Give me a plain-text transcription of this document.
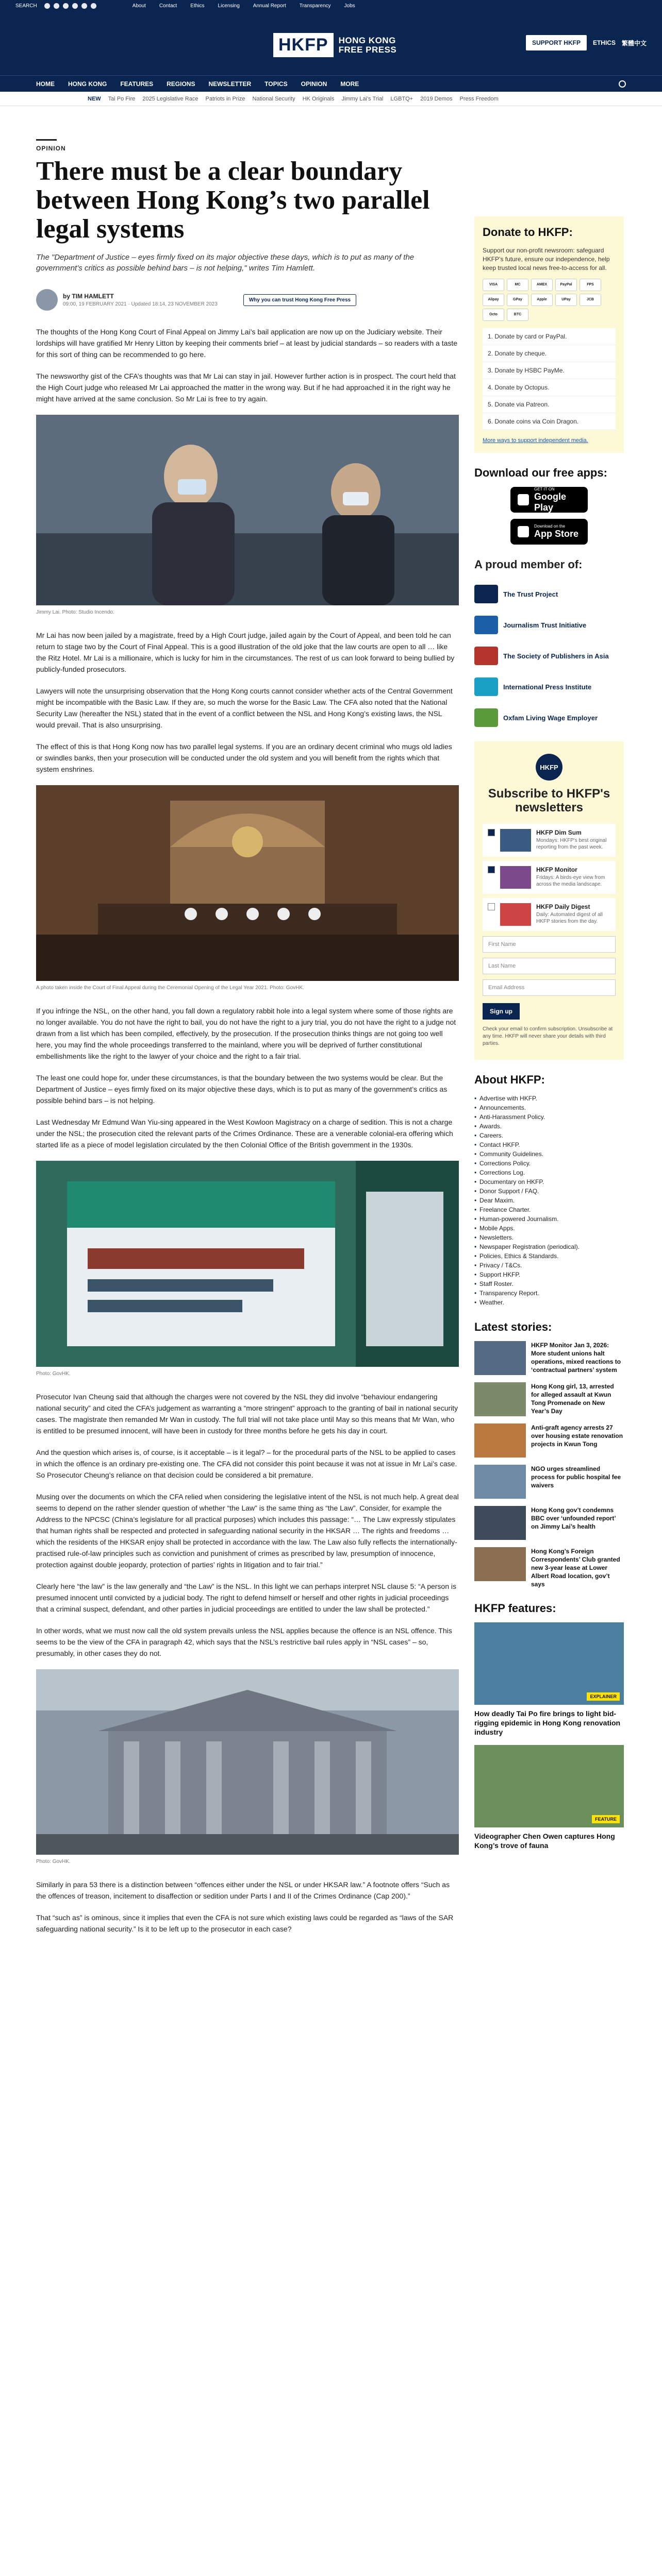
SEARCH	About	Contact	Ethics	Licensing	Annual Report	Transparency	Jobs
HKFP	HONG KONG
FREE PRESS
SUPPORT HKFP	ETHICS 繁體中文
HOME HONG KONG FEATURES REGIONS NEWSLETTER TOPICS OPINION MORE
NEW Tai Po Fire 2025 Legislative Race Patriots in Prize National Security HK Originals Jimmy Lai's Trial LGBTQ+ 2019 Demos Press Freedom
OPINION
There must be a clear boundary between Hong Kong’s two parallel legal systems
The "Department of Justice – eyes firmly fixed on its major objective these days, which is to put as many of the government’s critics as possible behind bars – is not helping," writes Tim Hamlett.
by TIM HAMLETT
09:00, 19 FEBRUARY 2021 · Updated 18:14, 23 NOVEMBER 2023
Why you can trust Hong Kong Free Press

The thoughts of the Hong Kong Court of Final Appeal on Jimmy Lai’s bail application are now up on the Judiciary website. Their lordships will have gratified Mr Henry Litton by keeping their comments brief – at least by judicial standards – so readers with a taste for this sort of thing can be recommended to go here.

The newsworthy gist of the CFA’s thoughts was that Mr Lai can stay in jail. However further action is in prospect. The court held that the High Court judge who released Mr Lai approached the matter in the wrong way. But if he had approached it in the right way he might have arrived at the same conclusion. So Mr Lai is free to try again.

Jimmy Lai. Photo: Studio Incendo.

Mr Lai has now been jailed by a magistrate, freed by a High Court judge, jailed again by the Court of Appeal, and been told he can return to stage two by the Court of Final Appeal. This is a good illustration of the old joke that the law courts are open to all … like the Ritz Hotel. Mr Lai is a millionaire, which is lucky for him in the circumstances. The rest of us can look forward to being bullied by publicly-funded prosecutors.

Lawyers will note the unsurprising observation that the Hong Kong courts cannot consider whether acts of the Central Government might be incompatible with the Basic Law. If they are, so much the worse for the Basic Law. The CFA also noted that the National Security Law (hereafter the NSL) stated that in the event of a conflict between the NSL and Hong Kong’s existing laws, the NSL would prevail. That is also unsurprising.

The effect of this is that Hong Kong now has two parallel legal systems. If you are an ordinary decent criminal who mugs old ladies or swindles banks, then your prosecution will be conducted under the old system and you will benefit from the rights which that system enshrines.

A photo taken inside the Court of Final Appeal during the Ceremonial Opening of the Legal Year 2021. Photo: GovHK.

If you infringe the NSL, on the other hand, you fall down a regulatory rabbit hole into a legal system where some of those rights are no longer available. You do not have the right to bail, you do not have the right to a jury trial, you do not have the right to a judge not drawn from a list which has been compiled, effectively, by the prosecution. If the prosecution thinks things are not going too well here, you may find the whole proceedings transferred to the mainland, where you will be deprived of further constitutional embellishments like the right to the lawyer of your choice and the right to a fair trial.

The least one could hope for, under these circumstances, is that the boundary between the two systems would be clear. But the Department of Justice – eyes firmly fixed on its major objective these days, which is to put as many of the government’s critics as possible behind bars – is not helping.

Last Wednesday Mr Edmund Wan Yiu-sing appeared in the West Kowloon Magistracy on a charge of sedition. This is not a charge under the NSL; the prosecution cited the relevant parts of the Crimes Ordinance. These are a venerable colonial-era offering which started life as a piece of model legislation circulated by the then Colonial Office of the British government in the 1930s.

Photo: GovHK.

Prosecutor Ivan Cheung said that although the charges were not covered by the NSL they did involve “behaviour endangering national security” and cited the CFA’s judgement as warranting a “more stringent” approach to the granting of bail in national security cases. The magistrate then remanded Mr Wan in custody. The full trial will not take place until May so this means that Mr Wan, who is entitled to be presumed innocent, will have been in custody for three months before he gets his day in court.

And the question which arises is, of course, is it acceptable – is it legal? – for the procedural parts of the NSL to be applied to cases in which the offence is an ordinary pre-existing one. The CFA did not consider this point because it was not at issue in Mr Lai’s case. So Prosecutor Cheung’s reliance on that decision could be considered a bit premature.

Musing over the documents on which the CFA relied when considering the legislative intent of the NSL is not much help. A great deal seems to depend on the rather slender question of whether “the Law” is the same thing as “the Law”. Consider, for example the Address to the NPCSC (China’s legislature for all practical purposes) which includes this passage: “… The Law expressly stipulates that human rights shall be respected and protected in safeguarding national security in the HKSAR … The rights and freedoms … which the residents of the HKSAR enjoy shall be protected in accordance with the law. The Law also fully reflects the internationally-practised rule-of-law principles such as conviction and punishment of crimes as prescribed by law, presumption of innocence, protection against double jeopardy, protection of parties’ rights in litigation and to fair trial.”

Clearly here “the law” is the law generally and “the Law” is the NSL. In this light we can perhaps interpret NSL clause 5: “A person is presumed innocent until convicted by a judicial body. The right to defend himself or herself and other rights in judicial proceedings that a criminal suspect, defendant, and other parties in judicial proceedings are entitled to under the law shall be protected.”

In other words, what we must now call the old system prevails unless the NSL applies because the offence is an NSL offence. This seems to be the view of the CFA in paragraph 42, which says that the NSL’s restrictive bail rules apply in “NSL cases” – so, presumably, in other cases they do not.

Photo: GovHK.

Similarly in para 53 there is a distinction between “offences either under the NSL or under HKSAR law.” A footnote offers “Such as the offences of treason, incitement to disaffection or sedition under Parts I and II of the Crimes Ordinance (Cap 200).”

That “such as” is ominous, since it implies that even the CFA is not sure which existing laws could be regarded as “laws of the SAR safeguarding national security.” Is it to be left up to the prosecutor in each case?

Donate to HKFP:
Support our non-profit newsroom: safeguard HKFP’s future, ensure our independence, help keep trusted local news free-to-access for all.
VISA	MC	AMEX	PayPal	FPS
Alipay	GPay	Apple	UPay	JCB
Octo	BTC
1. Donate by card or PayPal.
2. Donate by cheque.
3. Donate by HSBC PayMe.
4. Donate by Octopus.
5. Donate via Patreon.
6. Donate coins via Coin Dragon.
More ways to support independent media.
Download our free apps:
GET IT ON
Google Play
Download on the
App Store
A proud member of:
The Trust Project
Journalism Trust Initiative
The Society of Publishers in Asia
International Press Institute
Oxfam Living Wage Employer
HKFP
Subscribe to HKFP's newsletters
HKFP Dim Sum
Mondays: HKFP's best original reporting from the past week.
HKFP Monitor
Fridays: A birds-eye view from across the media landscape.
HKFP Daily Digest
Daily: Automated digest of all HKFP stories from the day.
First Name
Last Name
Email Address
Sign up
Check your email to confirm subscription. Unsubscribe at any time. HKFP will never share your details with third parties.
About HKFP:
• Advertise with HKFP.
• Announcements.
• Anti-Harassment Policy.
• Awards.
• Careers.
• Contact HKFP.
• Community Guidelines.
• Corrections Policy.
• Corrections Log.
• Documentary on HKFP.
• Donor Support / FAQ.
• Dear Maxim.
• Freelance Charter.
• Human-powered Journalism.
• Mobile Apps.
• Newsletters.
• Newspaper Registration (periodical).
• Policies, Ethics & Standards.
• Privacy / T&Cs.
• Support HKFP.
• Staff Roster.
• Transparency Report.
• Weather.
Latest stories:
HKFP Monitor Jan 3, 2026: More student unions halt operations, mixed reactions to ‘contractual partners’ system
Hong Kong girl, 13, arrested for alleged assault at Kwun Tong Promenade on New Year’s Day
Anti-graft agency arrests 27 over housing estate renovation projects in Kwun Tong
NGO urges streamlined process for public hospital fee waivers
Hong Kong gov’t condemns BBC over ‘unfounded report’ on Jimmy Lai’s health
Hong Kong’s Foreign Correspondents’ Club granted new 3-year lease at Lower Albert Road location, gov’t says
HKFP features:
EXPLAINER
How deadly Tai Po fire brings to light bid-rigging epidemic in Hong Kong renovation industry
FEATURE
Videographer Chen Owen captures Hong Kong’s trove of fauna
